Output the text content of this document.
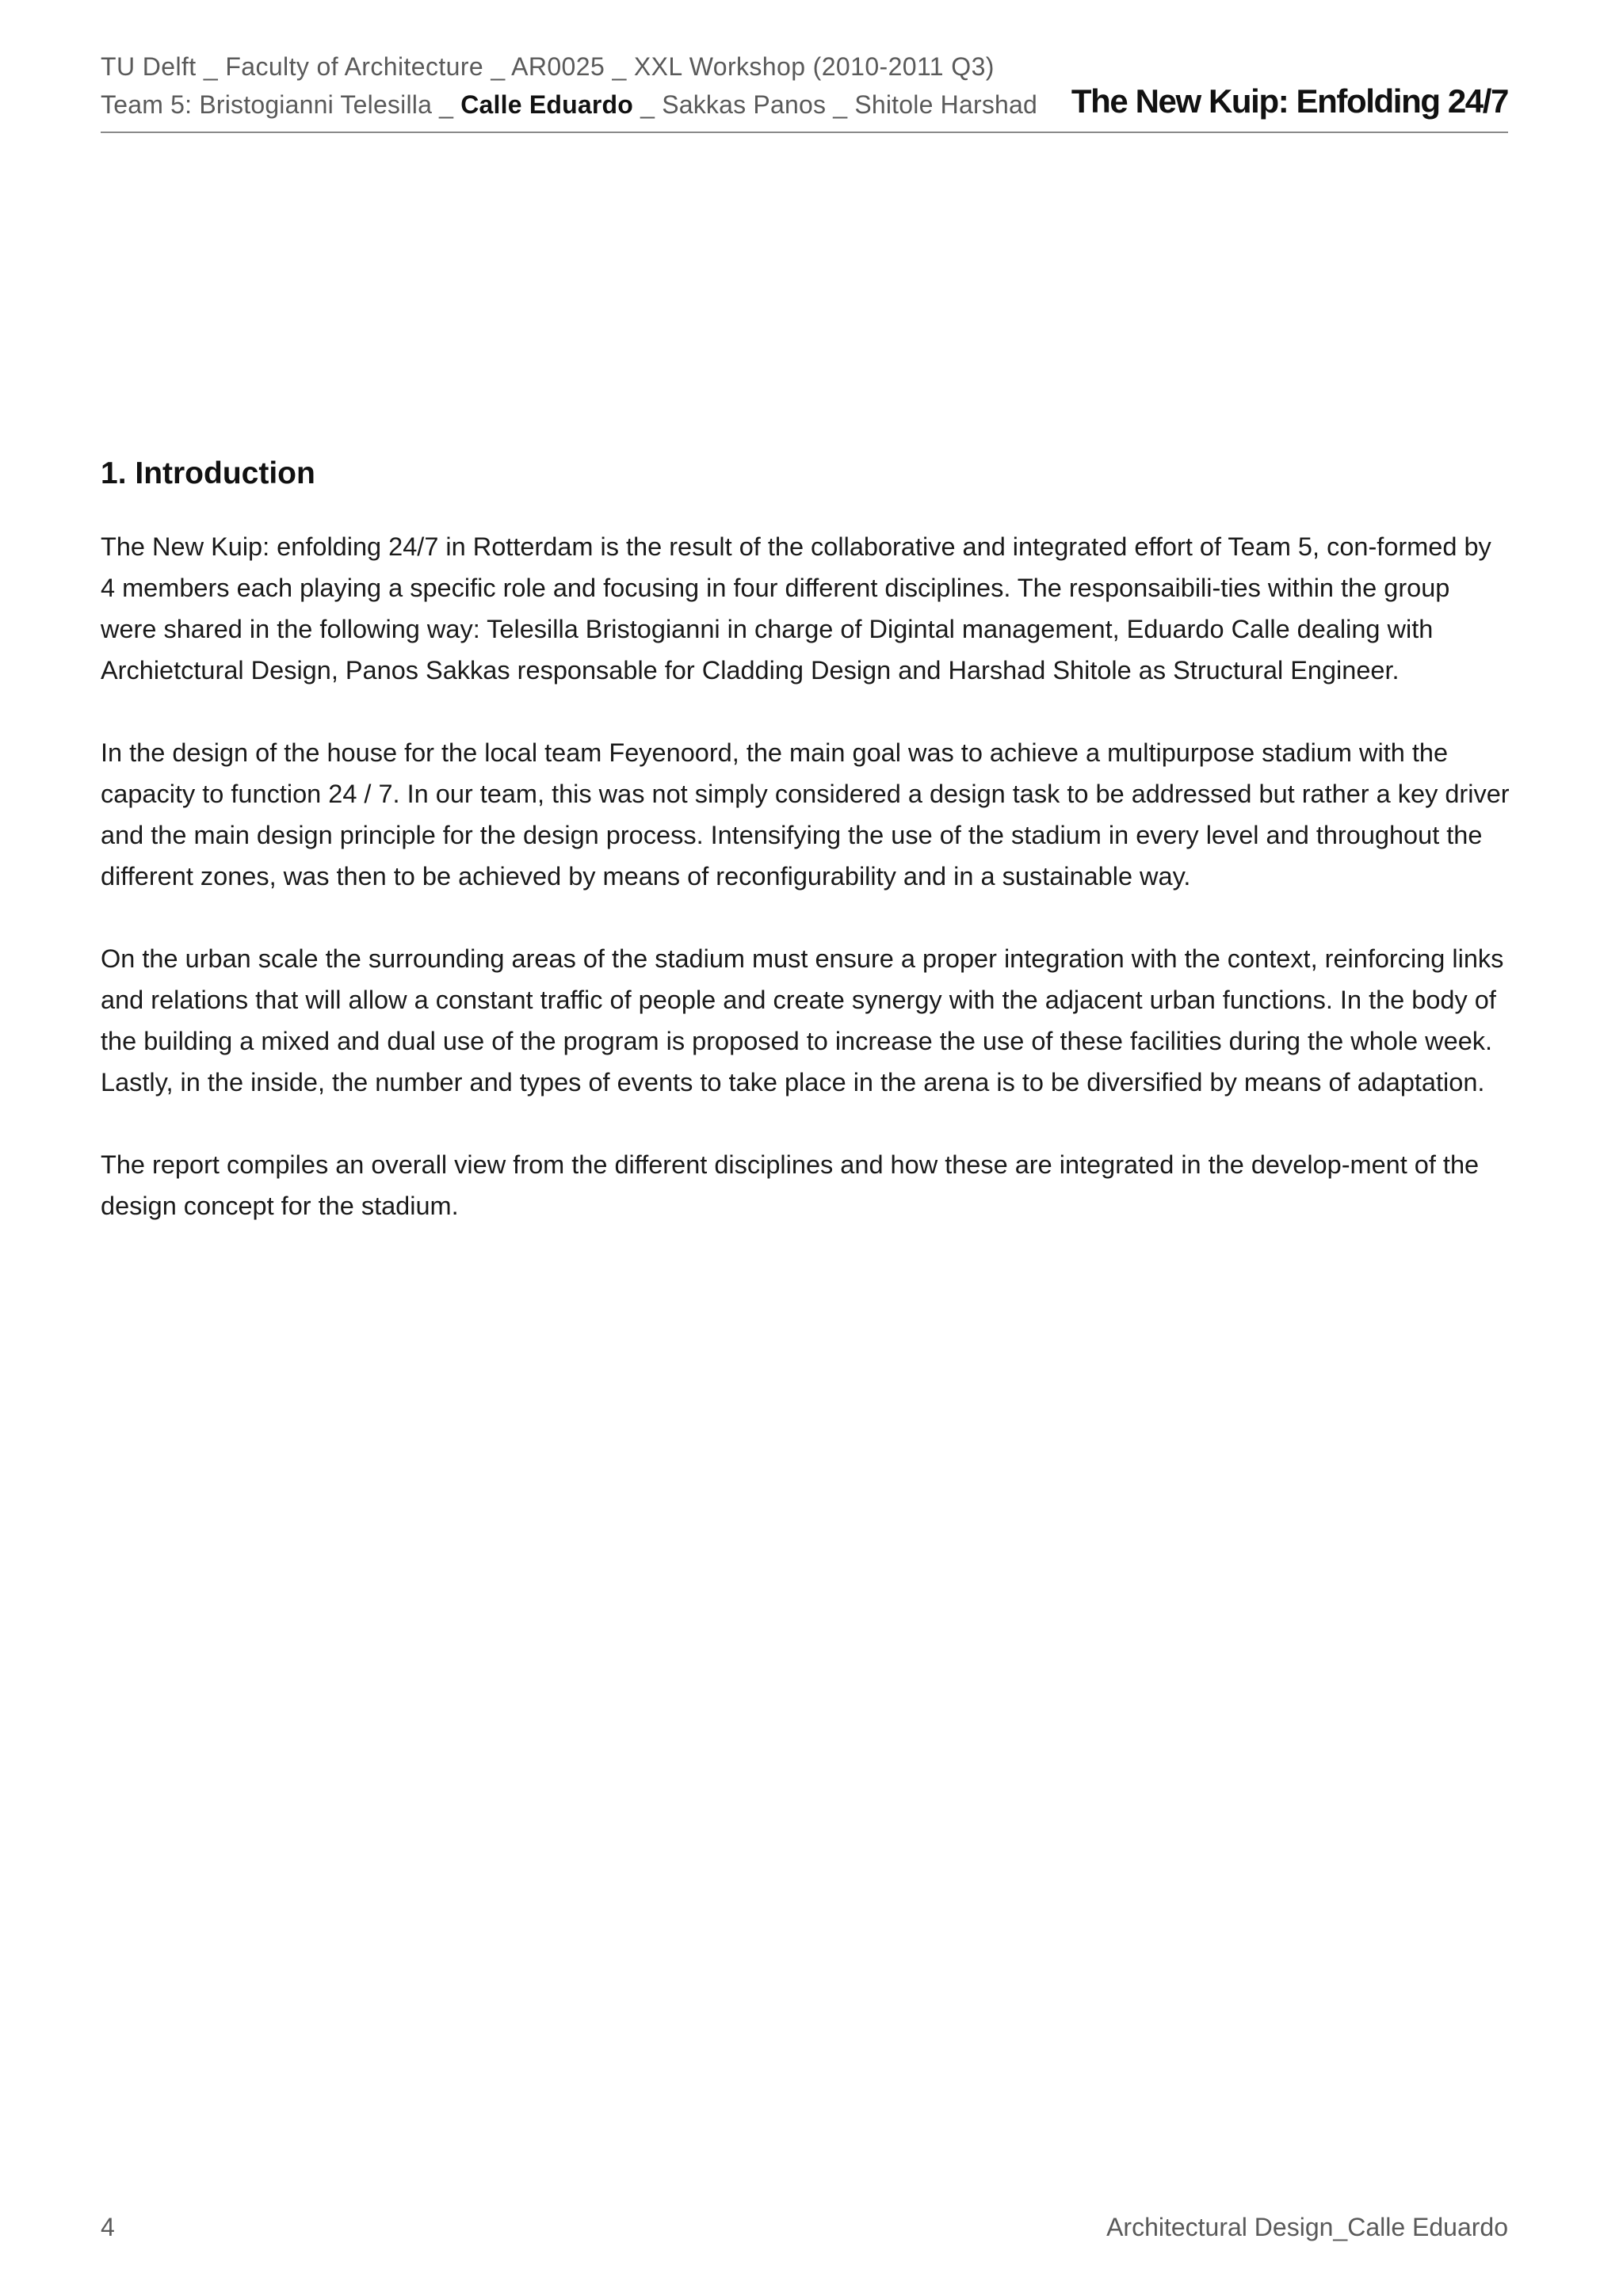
TU Delft _ Faculty of Architecture _ AR0025 _ XXL Workshop (2010-2011 Q3)
Team 5: Bristogianni Telesilla _ Calle Eduardo _ Sakkas Panos _ Shitole Harshad The New Kuip: Enfolding 24/7
1. Introduction

The New Kuip: enfolding 24/7 in Rotterdam is the result of the collaborative and integrated effort of Team 5, con-formed by 4 members each playing a specific role and focusing in four different disciplines. The responsaibili-ties within the group were shared in the following way: Telesilla Bristogianni in charge of Digintal management, Eduardo Calle dealing with Archietctural Design, Panos Sakkas responsable for Cladding Design and Harshad Shitole as Structural Engineer.

In the design of the house for the local team Feyenoord, the main goal was to achieve a multipurpose stadium with the capacity to function 24 / 7. In our team, this was not simply considered a design task to be addressed but rather a key driver and the main design principle for the design process. Intensifying the use of the stadium in every level and throughout the different zones, was then to be achieved by means of reconfigurability and in a sustainable way.

On the urban scale the surrounding areas of the stadium must ensure a proper integration with the context, reinforcing links and relations that will allow a constant traffic of people and create synergy with the adjacent urban functions. In the body of the building a mixed and dual use of the program is proposed to increase the use of these facilities during the whole week. Lastly, in the inside, the number and types of events to take place in the arena is to be diversified by means of adaptation.

The report compiles an overall view from the different disciplines and how these are integrated in the develop-ment of the design concept for the stadium.

4	Architectural Design_Calle Eduardo
